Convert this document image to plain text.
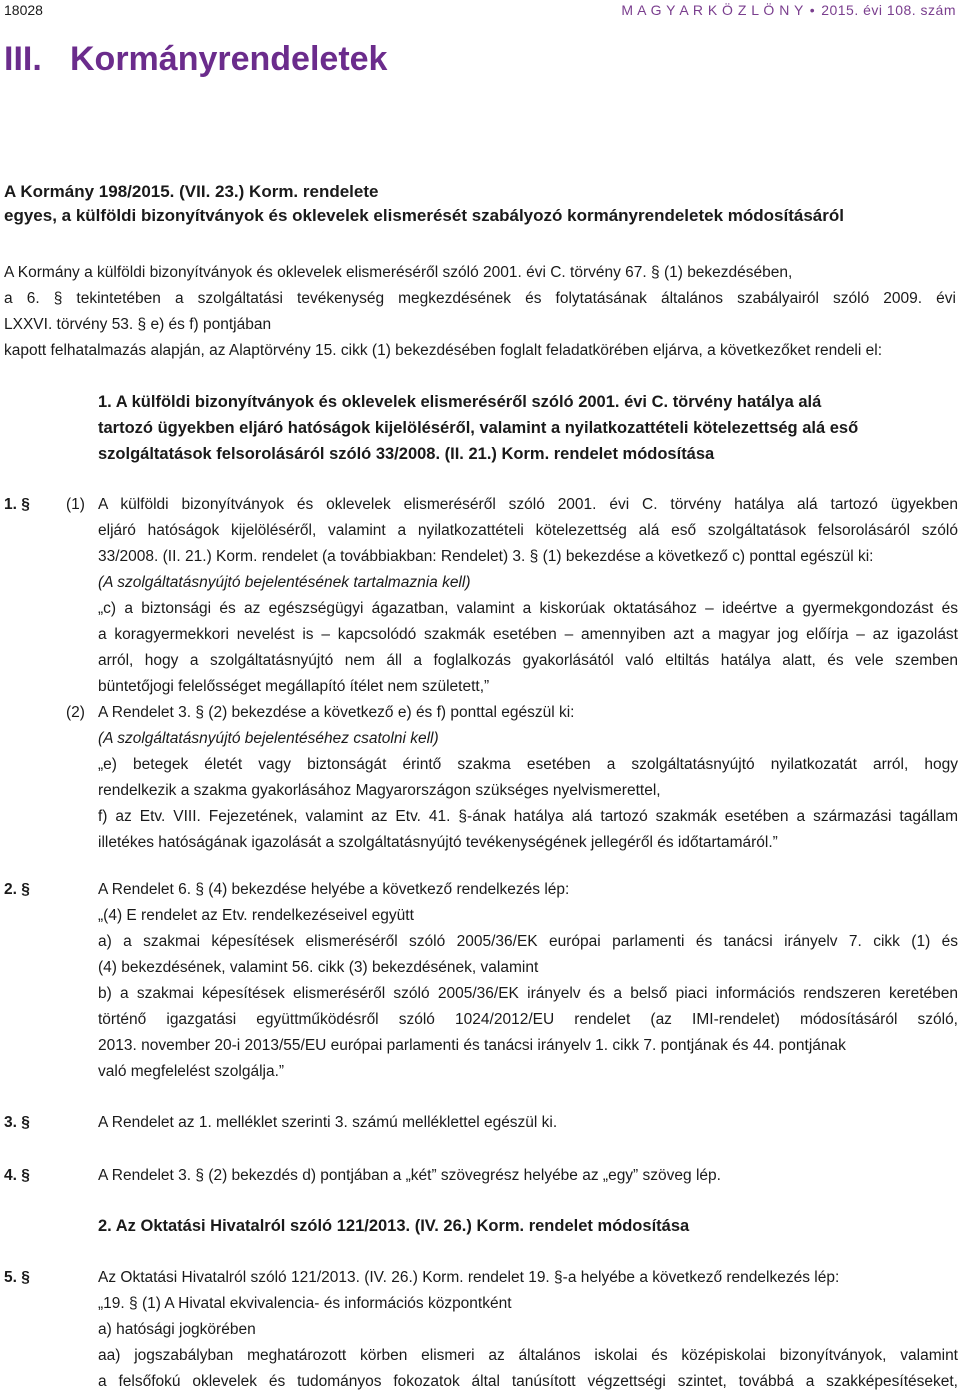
18028	M A G Y A R K Ö Z L Ö N Y • 2015. évi 108. szám
III. Kormányrendeletek
A Kormány 198/2015. (VII. 23.) Korm. rendelete
egyes, a külföldi bizonyítványok és oklevelek elismerését szabályozó kormányrendeletek módosításáról
A Kormány a külföldi bizonyítványok és oklevelek elismeréséről szóló 2001. évi C. törvény 67. § (1) bekezdésében,
a 6. § tekintetében a szolgáltatási tevékenység megkezdésének és folytatásának általános szabályairól szóló 2009. évi
LXXVI. törvény 53. § e) és f) pontjában
kapott felhatalmazás alapján, az Alaptörvény 15. cikk (1) bekezdésében foglalt feladatkörében eljárva, a következőket rendeli el:
1. A külföldi bizonyítványok és oklevelek elismeréséről szóló 2001. évi C. törvény hatálya alá
tartozó ügyekben eljáró hatóságok kijelöléséről, valamint a nyilatkozattételi kötelezettség alá eső
szolgáltatások felsorolásáról szóló 33/2008. (II. 21.) Korm. rendelet módosítása
1. § (1) A külföldi bizonyítványok és oklevelek elismeréséről szóló 2001. évi C. törvény hatálya alá tartozó ügyekben
eljáró hatóságok kijelöléséről, valamint a nyilatkozattételi kötelezettség alá eső szolgáltatások felsorolásáról szóló
33/2008. (II. 21.) Korm. rendelet (a továbbiakban: Rendelet) 3. § (1) bekezdése a következő c) ponttal egészül ki:
(A szolgáltatásnyújtó bejelentésének tartalmaznia kell)
„c) a biztonsági és az egészségügyi ágazatban, valamint a kiskorúak oktatásához – ideértve a gyermekgondozást és
a koragyermekkori nevelést is – kapcsolódó szakmák esetében – amennyiben azt a magyar jog előírja – az igazolást
arról, hogy a szolgáltatásnyújtó nem áll a foglalkozás gyakorlásától való eltiltás hatálya alatt, és vele szemben
büntetőjogi felelősséget megállapító ítélet nem született,”
(2) A Rendelet 3. § (2) bekezdése a következő e) és f) ponttal egészül ki:
(A szolgáltatásnyújtó bejelentéséhez csatolni kell)
„e) betegek életét vagy biztonságát érintő szakma esetében a szolgáltatásnyújtó nyilatkozatát arról, hogy
rendelkezik a szakma gyakorlásához Magyarországon szükséges nyelvismerettel,
f) az Etv. VIII. Fejezetének, valamint az Etv. 41. §-ának hatálya alá tartozó szakmák esetében a származási tagállam
illetékes hatóságának igazolását a szolgáltatásnyújtó tevékenységének jellegéről és időtartamáról.”
2. §	A Rendelet 6. § (4) bekezdése helyébe a következő rendelkezés lép:
„(4) E rendelet az Etv. rendelkezéseivel együtt
a) a szakmai képesítések elismeréséről szóló 2005/36/EK európai parlamenti és tanácsi irányelv 7. cikk (1) és
(4) bekezdésének, valamint 56. cikk (3) bekezdésének, valamint
b) a szakmai képesítések elismeréséről szóló 2005/36/EK irányelv és a belső piaci információs rendszeren keretében
történő igazgatási együttműködésről szóló 1024/2012/EU rendelet (az IMI-rendelet) módosításáról szóló,
2013. november 20-i 2013/55/EU európai parlamenti és tanácsi irányelv 1. cikk 7. pontjának és 44. pontjának
való megfelelést szolgálja.”
3. §	A Rendelet az 1. melléklet szerinti 3. számú melléklettel egészül ki.
4. §	A Rendelet 3. § (2) bekezdés d) pontjában a „két” szövegrész helyébe az „egy” szöveg lép.
2. Az Oktatási Hivatalról szóló 121/2013. (IV. 26.) Korm. rendelet módosítása
5. §	Az Oktatási Hivatalról szóló 121/2013. (IV. 26.) Korm. rendelet 19. §-a helyébe a következő rendelkezés lép:
„19. § (1) A Hivatal ekvivalencia- és információs központként
a) hatósági jogkörében
aa) jogszabályban meghatározott körben elismeri az általános iskolai és középiskolai bizonyítványok, valamint
a felsőfokú oklevelek és tudományos fokozatok által tanúsított végzettségi szintet, továbbá a szakképesítéseket,
